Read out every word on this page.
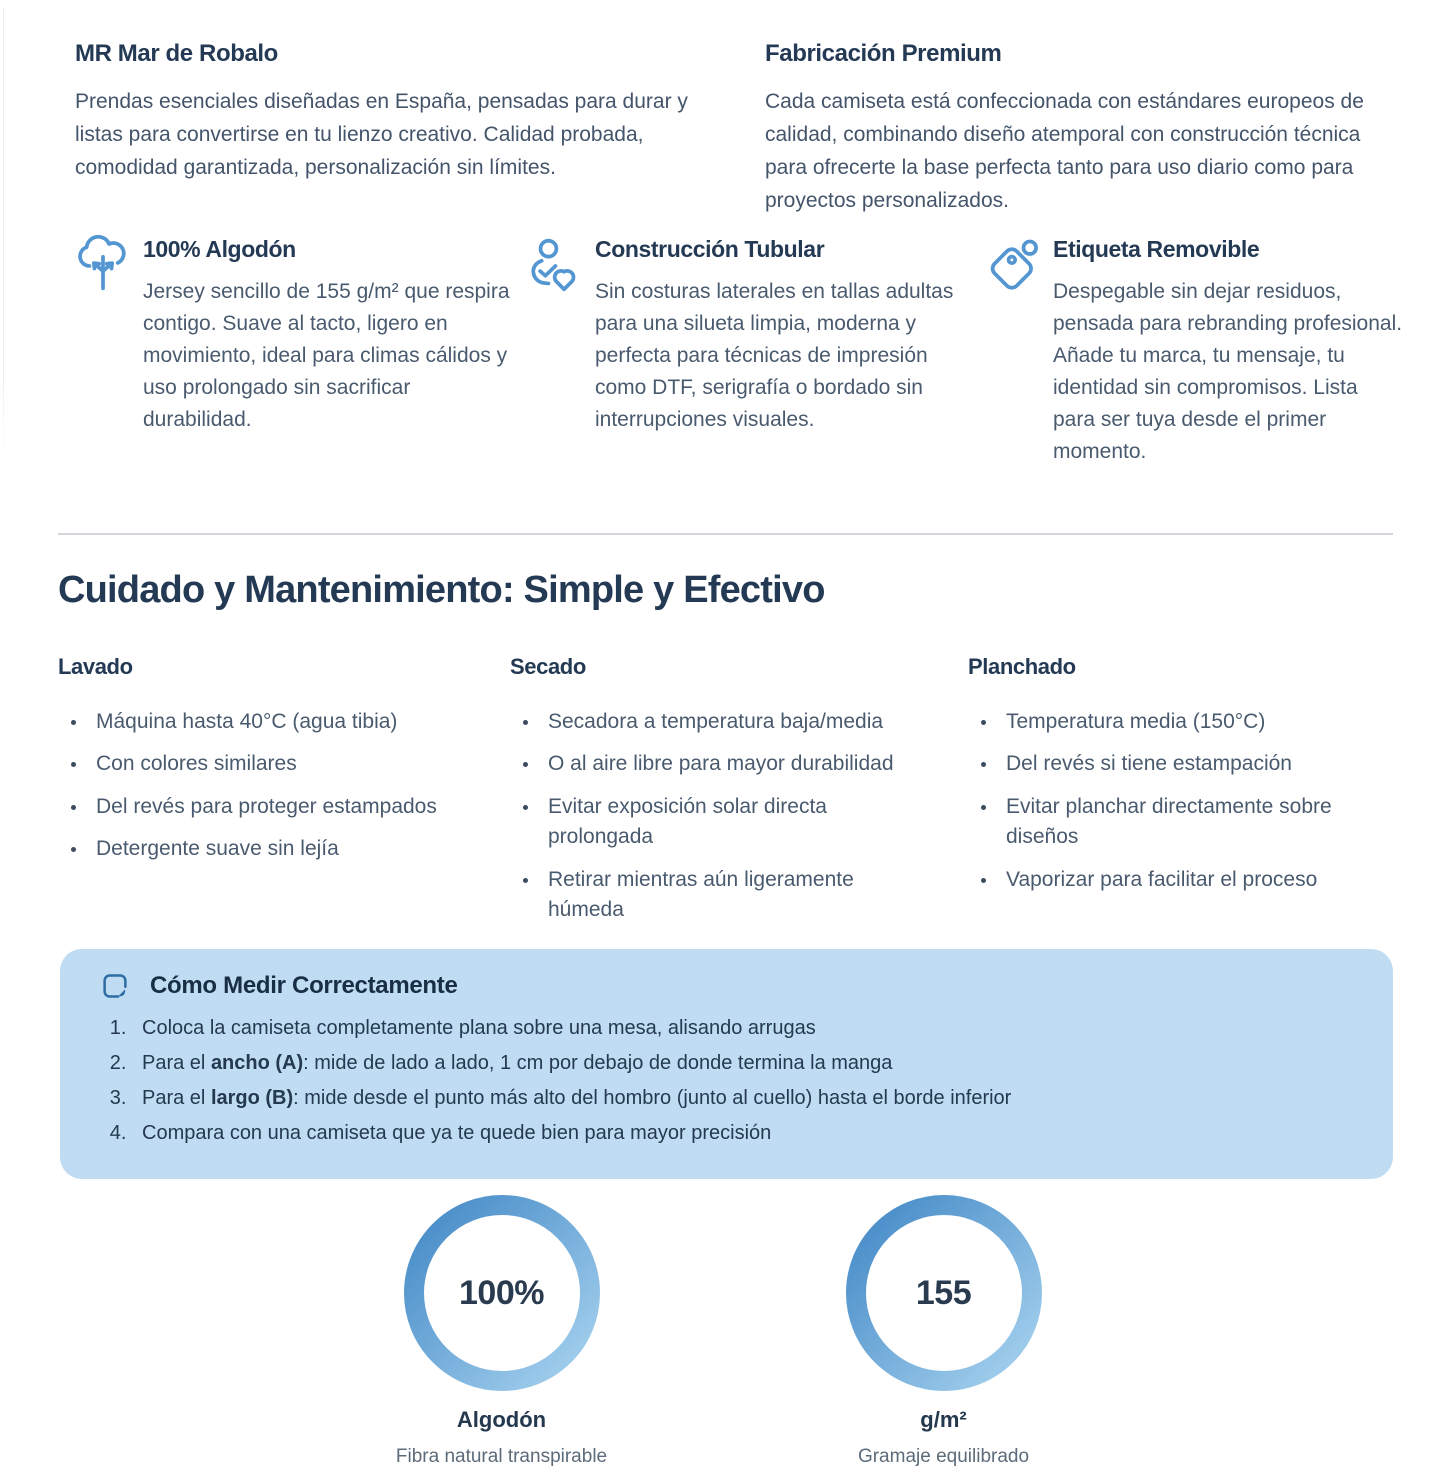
MR Mar de Robalo

Prendas esenciales diseñadas en España, pensadas para durar y listas para convertirse en tu lienzo creativo. Calidad probada, comodidad garantizada, personalización sin límites.

Fabricación Premium

Cada camiseta está confeccionada con estándares europeos de calidad, combinando diseño atemporal con construcción técnica para ofrecerte la base perfecta tanto para uso diario como para proyectos personalizados.

100% Algodón

Jersey sencillo de 155 g/m² que respira contigo. Suave al tacto, ligero en movimiento, ideal para climas cálidos y uso prolongado sin sacrificar durabilidad.

Construcción Tubular

Sin costuras laterales en tallas adultas para una silueta limpia, moderna y perfecta para técnicas de impresión como DTF, serigrafía o bordado sin interrupciones visuales.

Etiqueta Removible

Despegable sin dejar residuos, pensada para rebranding profesional. Añade tu marca, tu mensaje, tu identidad sin compromisos. Lista para ser tuya desde el primer momento.

Cuidado y Mantenimiento: Simple y Efectivo
Lavado
• Máquina hasta 40°C (agua tibia)
• Con colores similares
• Del revés para proteger estampados
• Detergente suave sin lejía
Secado
• Secadora a temperatura baja/media
• O al aire libre para mayor durabilidad
• Evitar exposición solar directa prolongada
• Retirar mientras aún ligeramente húmeda
Planchado
• Temperatura media (150°C)
• Del revés si tiene estampación
• Evitar planchar directamente sobre diseños
• Vaporizar para facilitar el proceso
Cómo Medir Correctamente
1. Coloca la camiseta completamente plana sobre una mesa, alisando arrugas
2. Para el ancho (A): mide de lado a lado, 1 cm por debajo de donde termina la manga
3. Para el largo (B): mide desde el punto más alto del hombro (junto al cuello) hasta el borde inferior
4. Compara con una camiseta que ya te quede bien para mayor precisión
100%
Algodón
Fibra natural transpirable
155
g/m²
Gramaje equilibrado
